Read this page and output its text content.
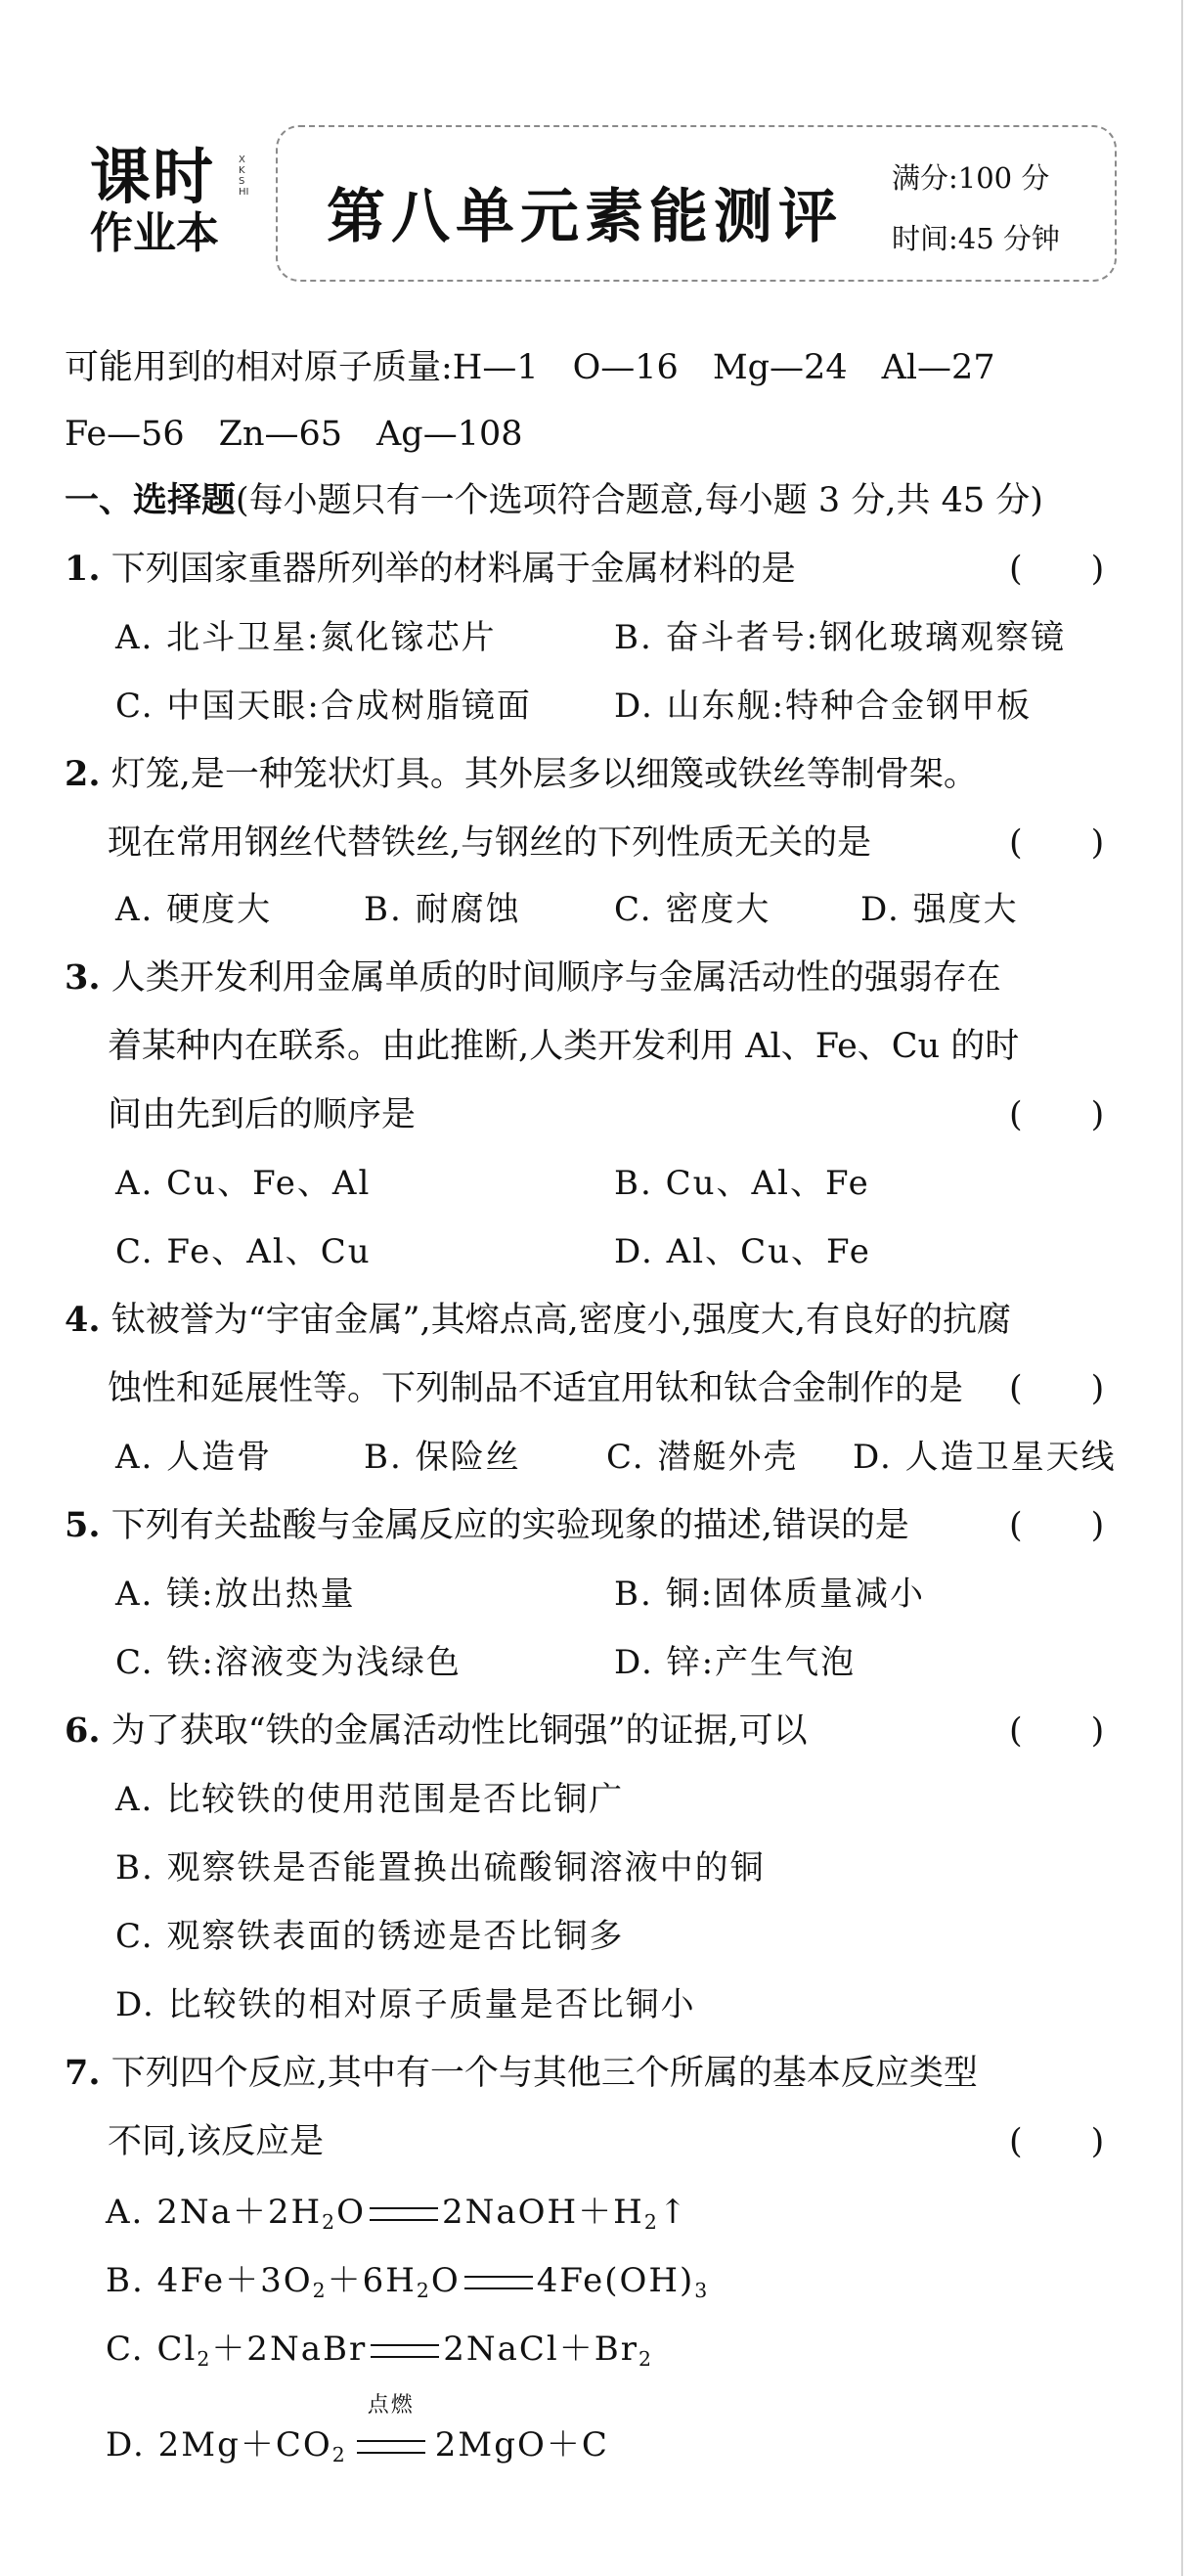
课时
作业本
XKSHI 第八单元素能测评
满分:100 分
时间:45 分钟
可能用到的相对原子质量:H—1　O—16　Mg—24　Al—27
Fe—56　Zn—65　Ag—108
一、选择题(每小题只有一个选项符合题意,每小题 3 分,共 45 分)
1. 下列国家重器所列举的材料属于金属材料的是	(　　)
A. 北斗卫星:氮化镓芯片	B. 奋斗者号:钢化玻璃观察镜
C. 中国天眼:合成树脂镜面 D. 山东舰:特种合金钢甲板
2. 灯笼,是一种笼状灯具。其外层多以细篾或铁丝等制骨架。
现在常用钢丝代替铁丝,与钢丝的下列性质无关的是	(　　)
A. 硬度大	B. 耐腐蚀	C. 密度大	D. 强度大
3. 人类开发利用金属单质的时间顺序与金属活动性的强弱存在
着某种内在联系。由此推断,人类开发利用 Al、Fe、Cu 的时
间由先到后的顺序是	(　　)
A. Cu、Fe、Al	B. Cu、Al、Fe
C. Fe、Al、Cu	D. Al、Cu、Fe
4. 钛被誉为“宇宙金属”,其熔点高,密度小,强度大,有良好的抗腐
蚀性和延展性等。下列制品不适宜用钛和钛合金制作的是 (　　)
A. 人造骨	B. 保险丝	C. 潜艇外壳 D. 人造卫星天线
5. 下列有关盐酸与金属反应的实验现象的描述,错误的是	(　　)
A. 镁:放出热量	B. 铜:固体质量减小
C. 铁:溶液变为浅绿色	D. 锌:产生气泡
6. 为了获取“铁的金属活动性比铜强”的证据,可以	(　　)
A. 比较铁的使用范围是否比铜广
B. 观察铁是否能置换出硫酸铜溶液中的铜
C. 观察铁表面的锈迹是否比铜多
D. 比较铁的相对原子质量是否比铜小
7. 下列四个反应,其中有一个与其他三个所属的基本反应类型
不同,该反应是	(　　)
A. $2Na+2H_2O$ $2NaOH+H_2↑$
B. $4Fe+3O_2+6H_2O$ $4Fe(OH)_3$
C. $Cl_2+2NaBr$ $2NaCl+Br_2$
D. $2Mg+CO_2$
点燃
2MgO＋C
